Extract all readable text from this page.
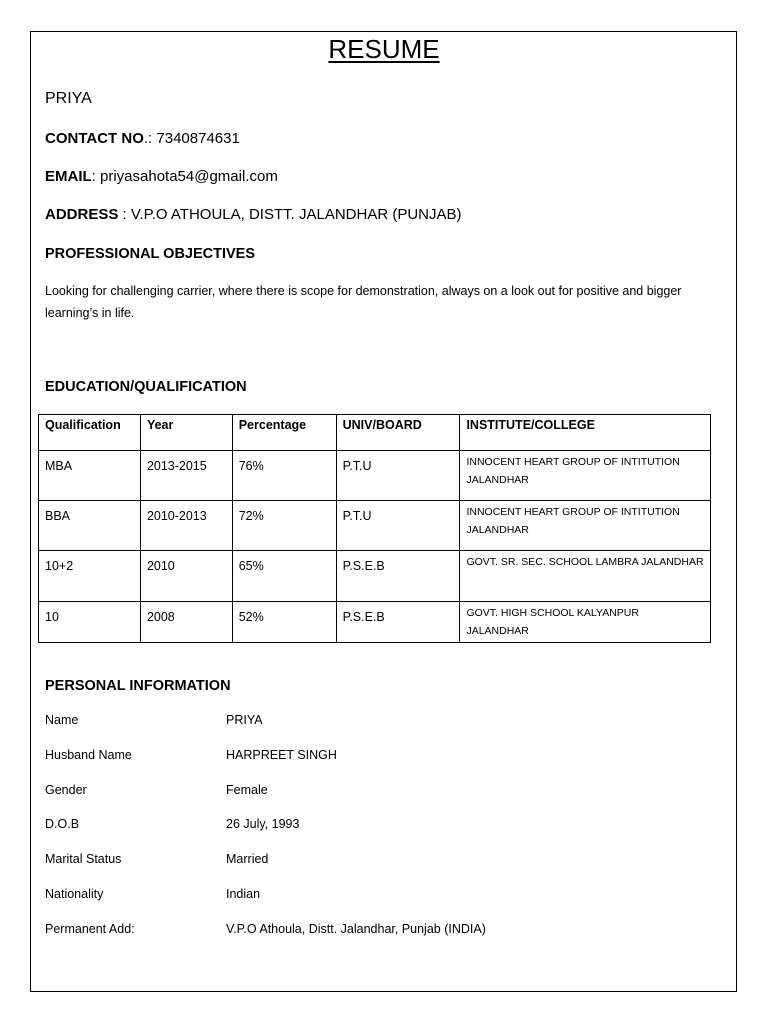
RESUME
PRIYA
CONTACT NO.: 7340874631
EMAIL: priyasahota54@gmail.com
ADDRESS : V.P.O ATHOULA, DISTT. JALANDHAR (PUNJAB)
PROFESSIONAL OBJECTIVES
Looking for challenging carrier, where there is scope for demonstration, always on a look out for positive and bigger learning’s in life.
EDUCATION/QUALIFICATION
Qualification	Year	Percentage	UNIV/BOARD	INSTITUTE/COLLEGE
MBA	2013-2015	76%	P.T.U	INNOCENT HEART GROUP OF INTITUTION JALANDHAR
BBA	2010-2013	72%	P.T.U	INNOCENT HEART GROUP OF INTITUTION JALANDHAR
10+2	2010	65%	P.S.E.B	GOVT. SR. SEC. SCHOOL LAMBRA JALANDHAR
10	2008	52%	P.S.E.B	GOVT. HIGH SCHOOL KALYANPUR JALANDHAR
PERSONAL INFORMATION
Name	PRIYA
Husband Name	HARPREET SINGH
Gender	Female
D.O.B	26 July, 1993
Marital Status	Married
Nationality	Indian
Permanent Add:	V.P.O Athoula, Distt. Jalandhar, Punjab (INDIA)
